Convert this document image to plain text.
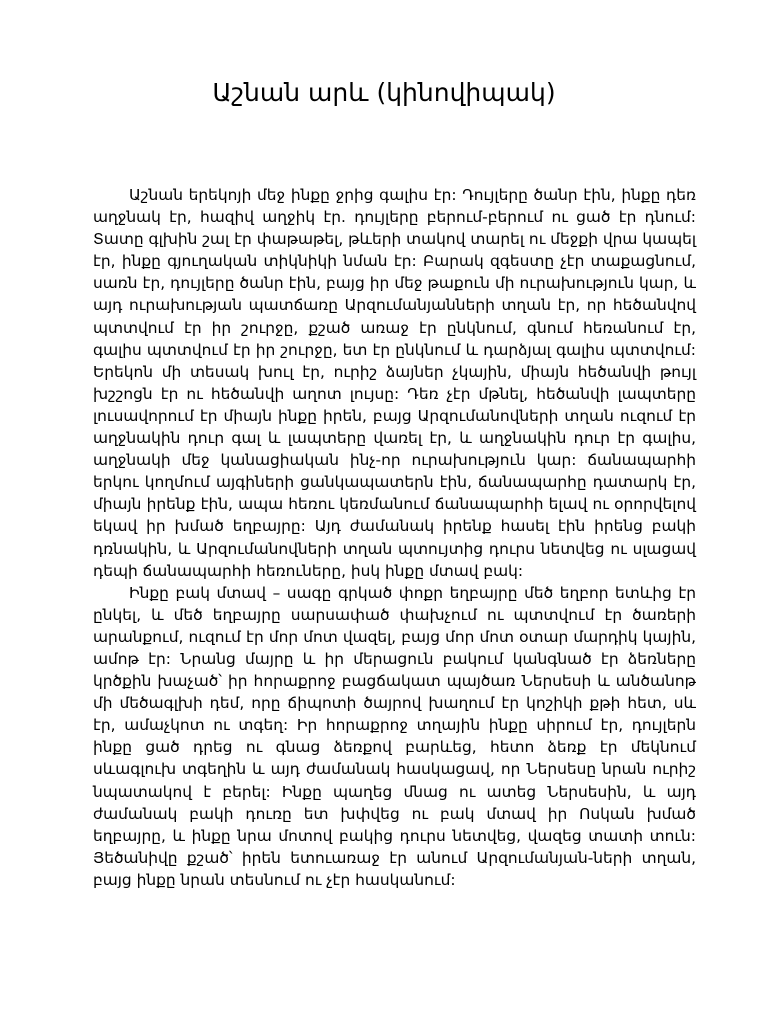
Աշնան արև (կինովիպակ)

Աշնան երեկոյի մեջ ինքը ջրից գալիս էր: Դույլերը ծանր էին, ինքը դեռ աղջնակ էր, հազիվ աղջիկ էր. դույլերը բերում-բերում ու ցած էր դնում: Տատը գլխին շալ էր փաթաթել, թևերի տակով տարել ու մեջքի վրա կապել էր, ինքը գյուղական տիկնիկի նման էր: Բարակ զգեստը չէր տաքացնում, սառն էր, դույլերը ծանր էին, բայց իր մեջ թաքուն մի ուրախություն կար, և այդ ուրախության պատճառը Արզումանյանների տղան էր, որ հեծանվով պտտվում էր իր շուրջը, քշած առաջ էր ընկնում, գնում հեռանում էր, գալիս պտտվում էր իր շուրջը, ետ էր ընկնում և դարձյալ գալիս պտտվում: Երեկոն մի տեսակ խուլ էր, ուրիշ ձայներ չկային, միայն հեծանվի թույլ խշշոցն էր ու հեծանվի աղոտ լույսը: Դեռ չէր մթնել, հեծանվի լապտերը լուսավորում էր միայն ինքը իրեն, բայց Արզումանովների տղան ուզում էր աղջնակին դուր գալ և լապտերը վառել էր, և աղջնակին դուր էր գալիս, աղջնակի մեջ կանացիական ինչ-որ ուրախություն կար: ճանապարհի երկու կողմում այգիների ցանկապատերն էին, ճանապարհը դատարկ էր, միայն իրենք էին, ապա հեռու կեռմանում ճանապարհի ելավ ու օրորվելով եկավ իր խմած եղբայրը: Այդ ժամանակ իրենք հասել էին իրենց բակի դռնակին, և Արզումանովների տղան պտույտից դուրս նետվեց ու սլացավ դեպի ճանապարհի հեռուները, իսկ ինքը մտավ բակ:

Ինքը բակ մտավ – սագը գրկած փոքր եղբայրը մեծ եղբոր ետևից էր ընկել, և մեծ եղբայրը սարսափած փախչում ու պտտվում էր ծառերի արանքում, ուզում էր մոր մոտ վազել, բայց մոր մոտ օտար մարդիկ կային, ամոթ էր: Նրանց մայրը և իր մերացուն բակում կանգնած էր ձեռները կրծքին խաչած՝ իր հորաքրոջ բացճակատ պայծառ Ներսեսի և անծանոթ մի մեծագլխի դեմ, որը ճիպոտի ծայրով խաղում էր կոշիկի քթի հետ, սև էր, ամաչկոտ ու տգեղ: Իր հորաքրոջ տղային ինքը սիրում էր, դույլերն ինքը ցած դրեց ու գնաց ձեռքով բարևեց, հետո ձեռք էր մեկնում սևագլուխ տգեղին և այդ ժամանակ հասկացավ, որ Ներսեսը նրան ուրիշ նպատակով է բերել: Ինքը պաղեց մնաց ու ատեց Ներսեսին, և այդ ժամանակ բակի դուռը ետ խփվեց ու բակ մտավ իր Ոսկան խմած եղբայրը, և ինքը նրա մոտով բակից դուրս նետվեց, վազեց տատի տուն: Յեծանիվը քշած՝ իրեն ետուառաջ էր անում Արզումանյան-ների տղան, բայց ինքը նրան տեսնում ու չէր հասկանում:
